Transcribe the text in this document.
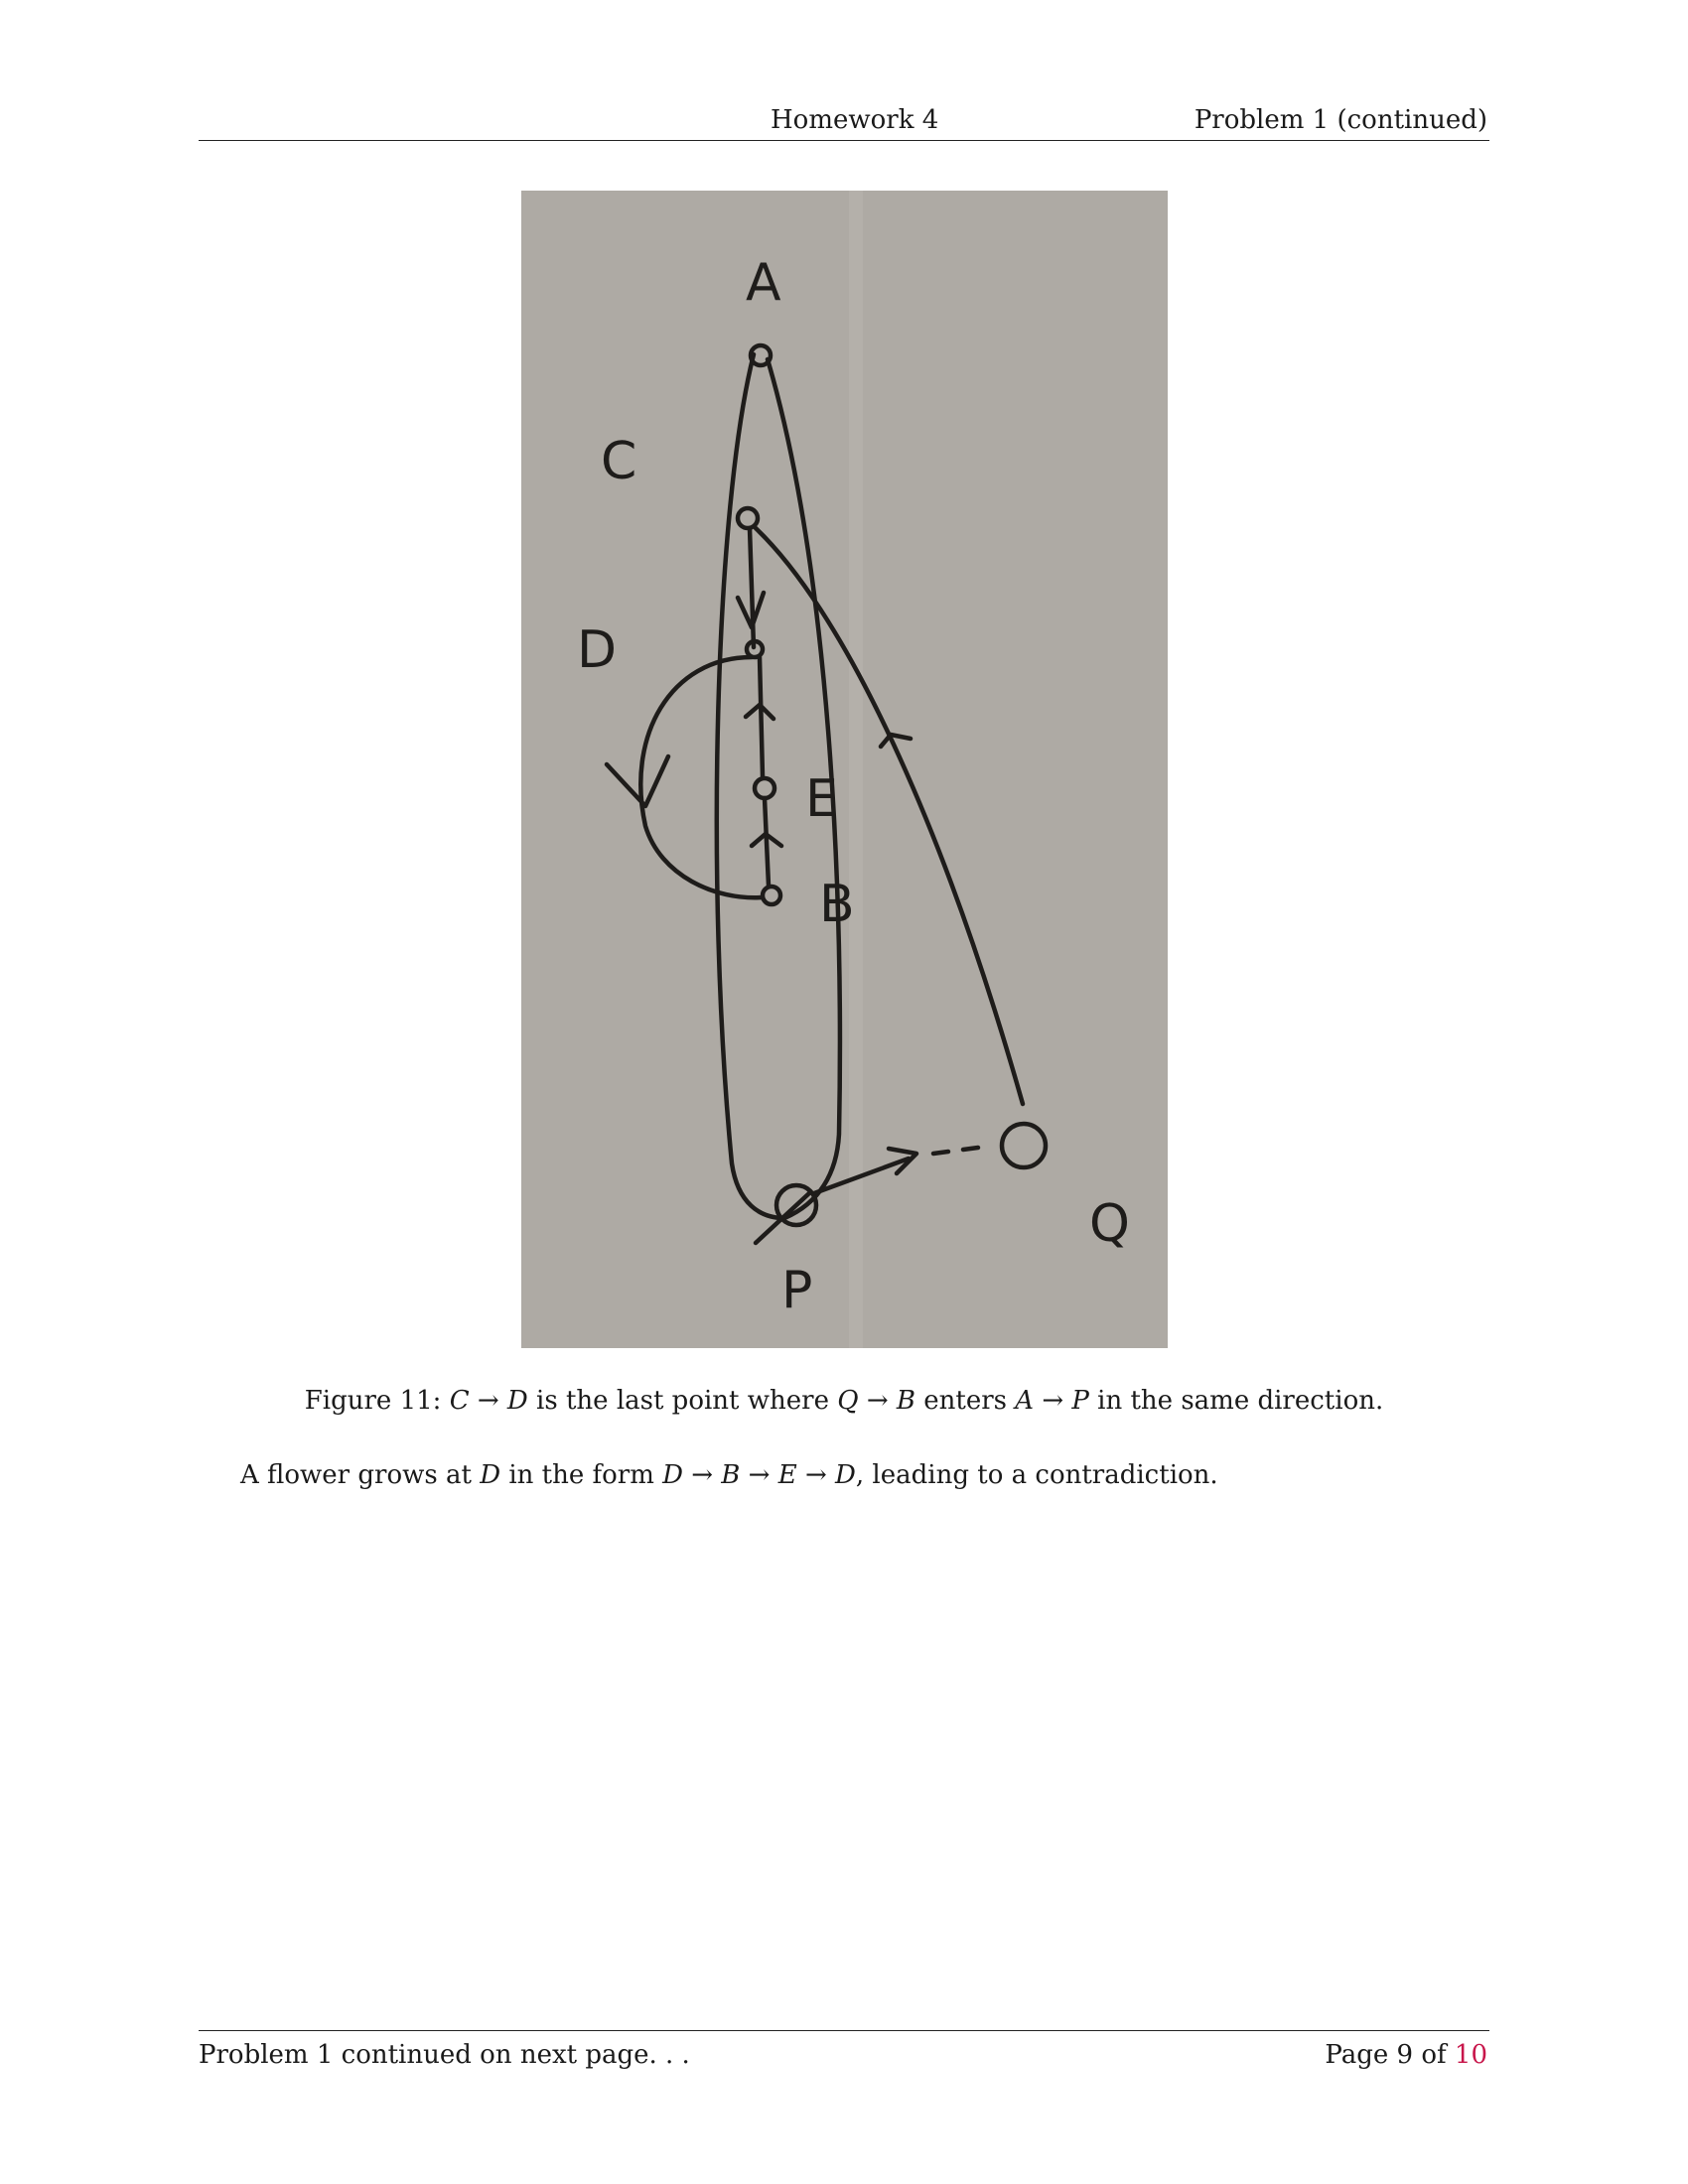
Homework 4	Problem 1 (continued)
A
C
D
E
B
P
Q
Figure 11: C → D is the last point where Q → B enters A → P in the same direction.
A flower grows at D in the form D → B → E → D, leading to a contradiction.
Problem 1 continued on next page. . .	Page 9 of 10
